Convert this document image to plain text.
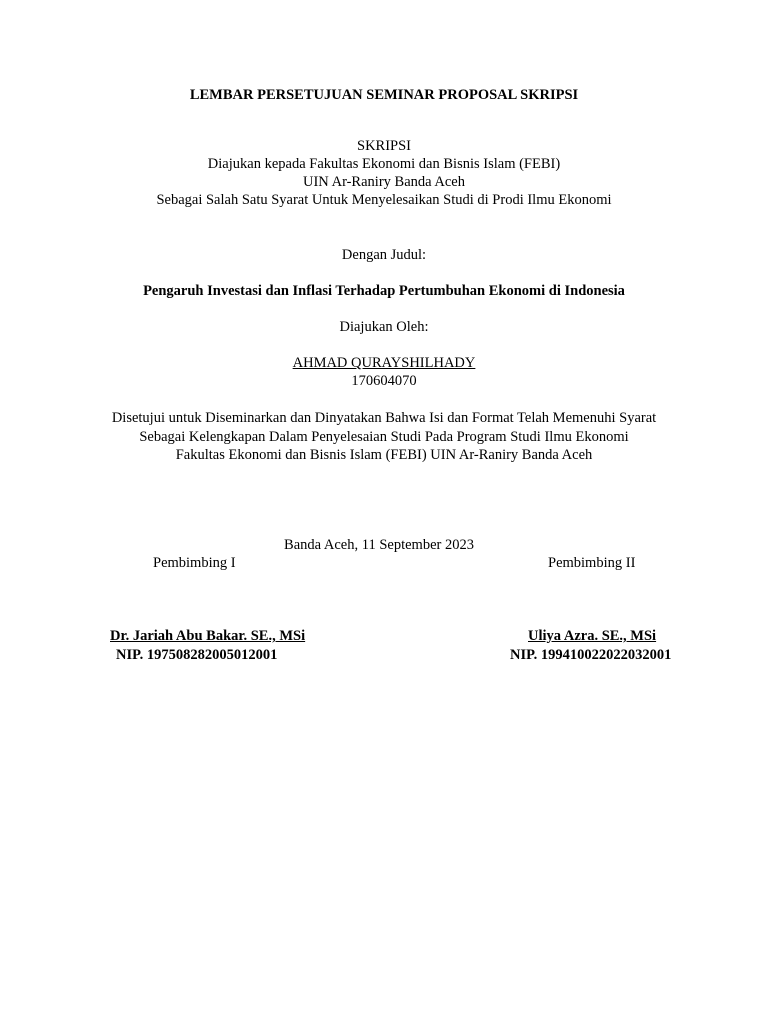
LEMBAR PERSETUJUAN SEMINAR PROPOSAL SKRIPSI
SKRIPSI
Diajukan kepada Fakultas Ekonomi dan Bisnis Islam (FEBI)
UIN Ar-Raniry Banda Aceh
Sebagai Salah Satu Syarat Untuk Menyelesaikan Studi di Prodi Ilmu Ekonomi
Dengan Judul:
Pengaruh Investasi dan Inflasi Terhadap Pertumbuhan Ekonomi di Indonesia
Diajukan Oleh:
AHMAD QURAYSHILHADY
170604070
Disetujui untuk Diseminarkan dan Dinyatakan Bahwa Isi dan Format Telah Memenuhi Syarat
Sebagai Kelengkapan Dalam Penyelesaian Studi Pada Program Studi Ilmu Ekonomi
Fakultas Ekonomi dan Bisnis Islam (FEBI) UIN Ar-Raniry Banda Aceh
Banda Aceh, 11 September 2023
Pembimbing I	Pembimbing II
Dr. Jariah Abu Bakar. SE., MSi
NIP. 197508282005012001
Uliya Azra. SE., MSi
NIP. 199410022022032001
